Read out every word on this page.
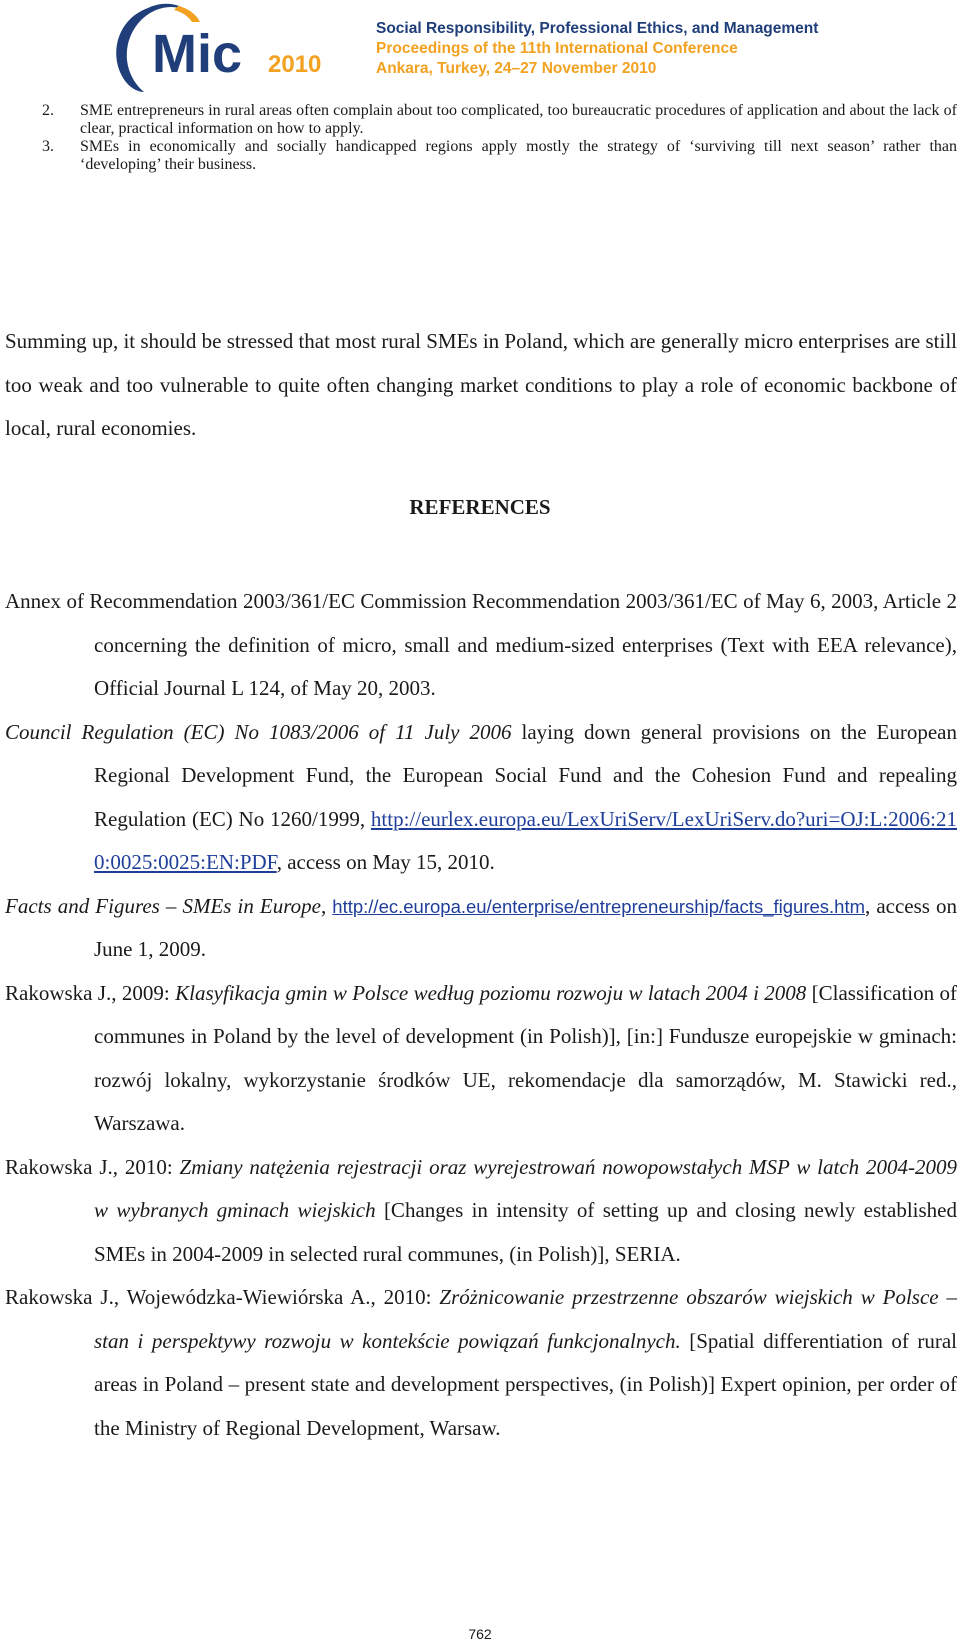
Mic 2010
Social Responsibility, Professional Ethics, and Management
Proceedings of the 11th International Conference
Ankara, Turkey, 24–27 November 2010
2. SME entrepreneurs in rural areas often complain about too complicated, too bureaucratic procedures of application and about the lack of clear, practical information on how to apply.
3. SMEs in economically and socially handicapped regions apply mostly the strategy of ‘surviving till next season’ rather than ‘developing’ their business.
Summing up, it should be stressed that most rural SMEs in Poland, which are generally micro enterprises are still too weak and too vulnerable to quite often changing market conditions to play a role of economic backbone of local, rural economies.
REFERENCES
Annex of Recommendation 2003/361/EC Commission Recommendation 2003/361/EC of May 6, 2003, Article 2 concerning the definition of micro, small and medium-sized enterprises (Text with EEA relevance), Official Journal L 124, of May 20, 2003.
Council Regulation (EC) No 1083/2006 of 11 July 2006 laying down general provisions on the European Regional Development Fund, the European Social Fund and the Cohesion Fund and repealing Regulation (EC) No 1260/1999, http://eurlex.europa.eu/LexUriServ/LexUriServ.do?uri=OJ:L:2006:210:0025:0025:EN:PDF, access on May 15, 2010.
Facts and Figures – SMEs in Europe, http://ec.europa.eu/enterprise/entrepreneurship/facts_figures.htm, access on June 1, 2009.
Rakowska J., 2009: Klasyfikacja gmin w Polsce według poziomu rozwoju w latach 2004 i 2008 [Classification of communes in Poland by the level of development (in Polish)], [in:] Fundusze europejskie w gminach: rozwój lokalny, wykorzystanie środków UE, rekomendacje dla samorządów, M. Stawicki red., Warszawa.
Rakowska J., 2010: Zmiany natężenia rejestracji oraz wyrejestrowań nowopowstałych MSP w latch 2004-2009 w wybranych gminach wiejskich [Changes in intensity of setting up and closing newly established SMEs in 2004-2009 in selected rural communes, (in Polish)], SERIA.
Rakowska J., Wojewódzka-Wiewiórska A., 2010: Zróżnicowanie przestrzenne obszarów wiejskich w Polsce – stan i perspektywy rozwoju w kontekście powiązań funkcjonalnych. [Spatial differentiation of rural areas in Poland – present state and development perspectives, (in Polish)] Expert opinion, per order of the Ministry of Regional Development, Warsaw.
762
